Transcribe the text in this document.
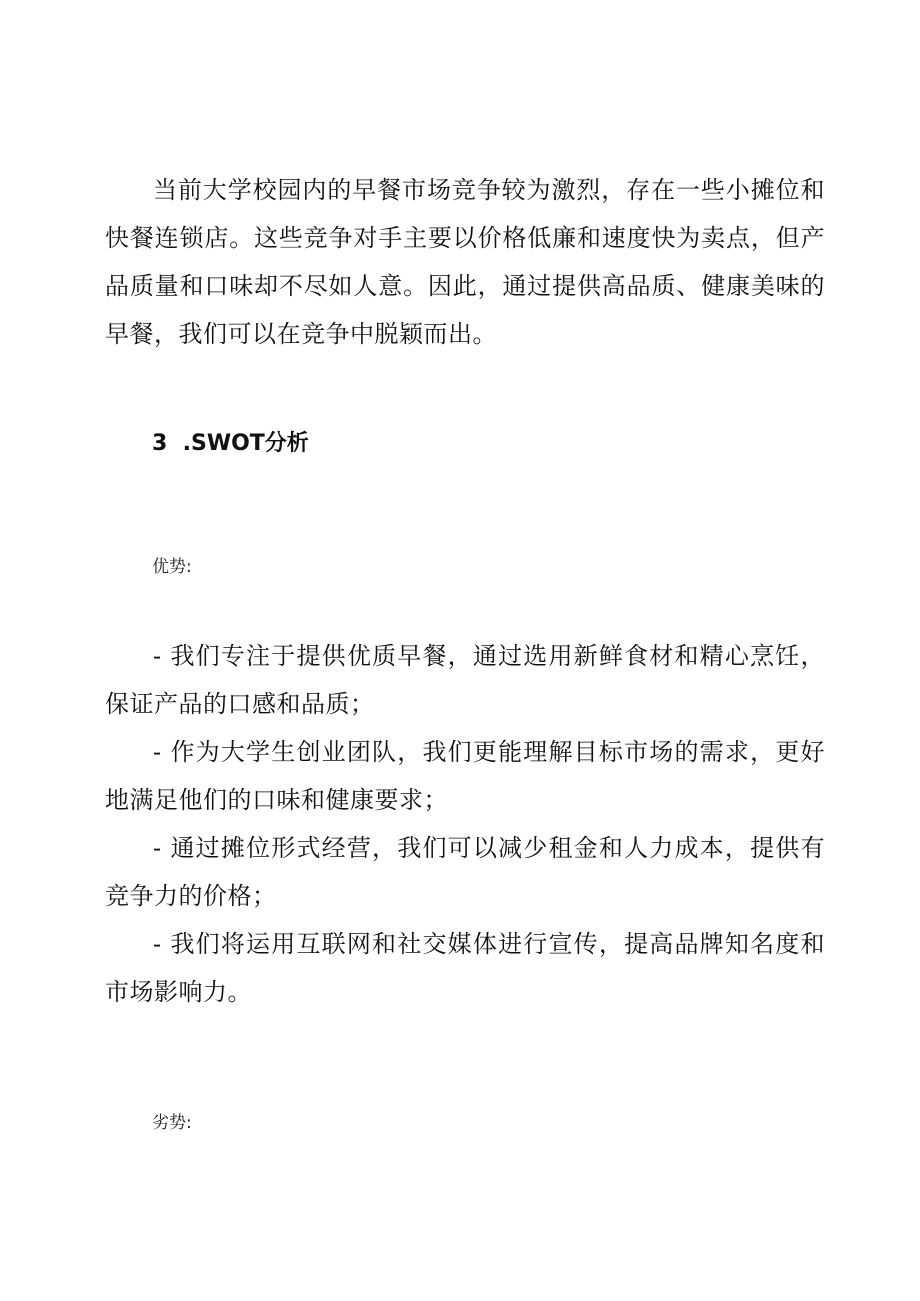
当前大学校园内的早餐市场竞争较为激烈，存在一些小摊位和快餐连锁店。这些竞争对手主要以价格低廉和速度快为卖点，但产品质量和口味却不尽如人意。因此，通过提供高品质、健康美味的早餐，我们可以在竞争中脱颖而出。

3  .SWOT分析
优势:

- 我们专注于提供优质早餐，通过选用新鲜食材和精心烹饪，保证产品的口感和品质；

- 作为大学生创业团队，我们更能理解目标市场的需求，更好地满足他们的口味和健康要求；

- 通过摊位形式经营，我们可以减少租金和人力成本，提供有竞争力的价格；

- 我们将运用互联网和社交媒体进行宣传，提高品牌知名度和市场影响力。

劣势:
